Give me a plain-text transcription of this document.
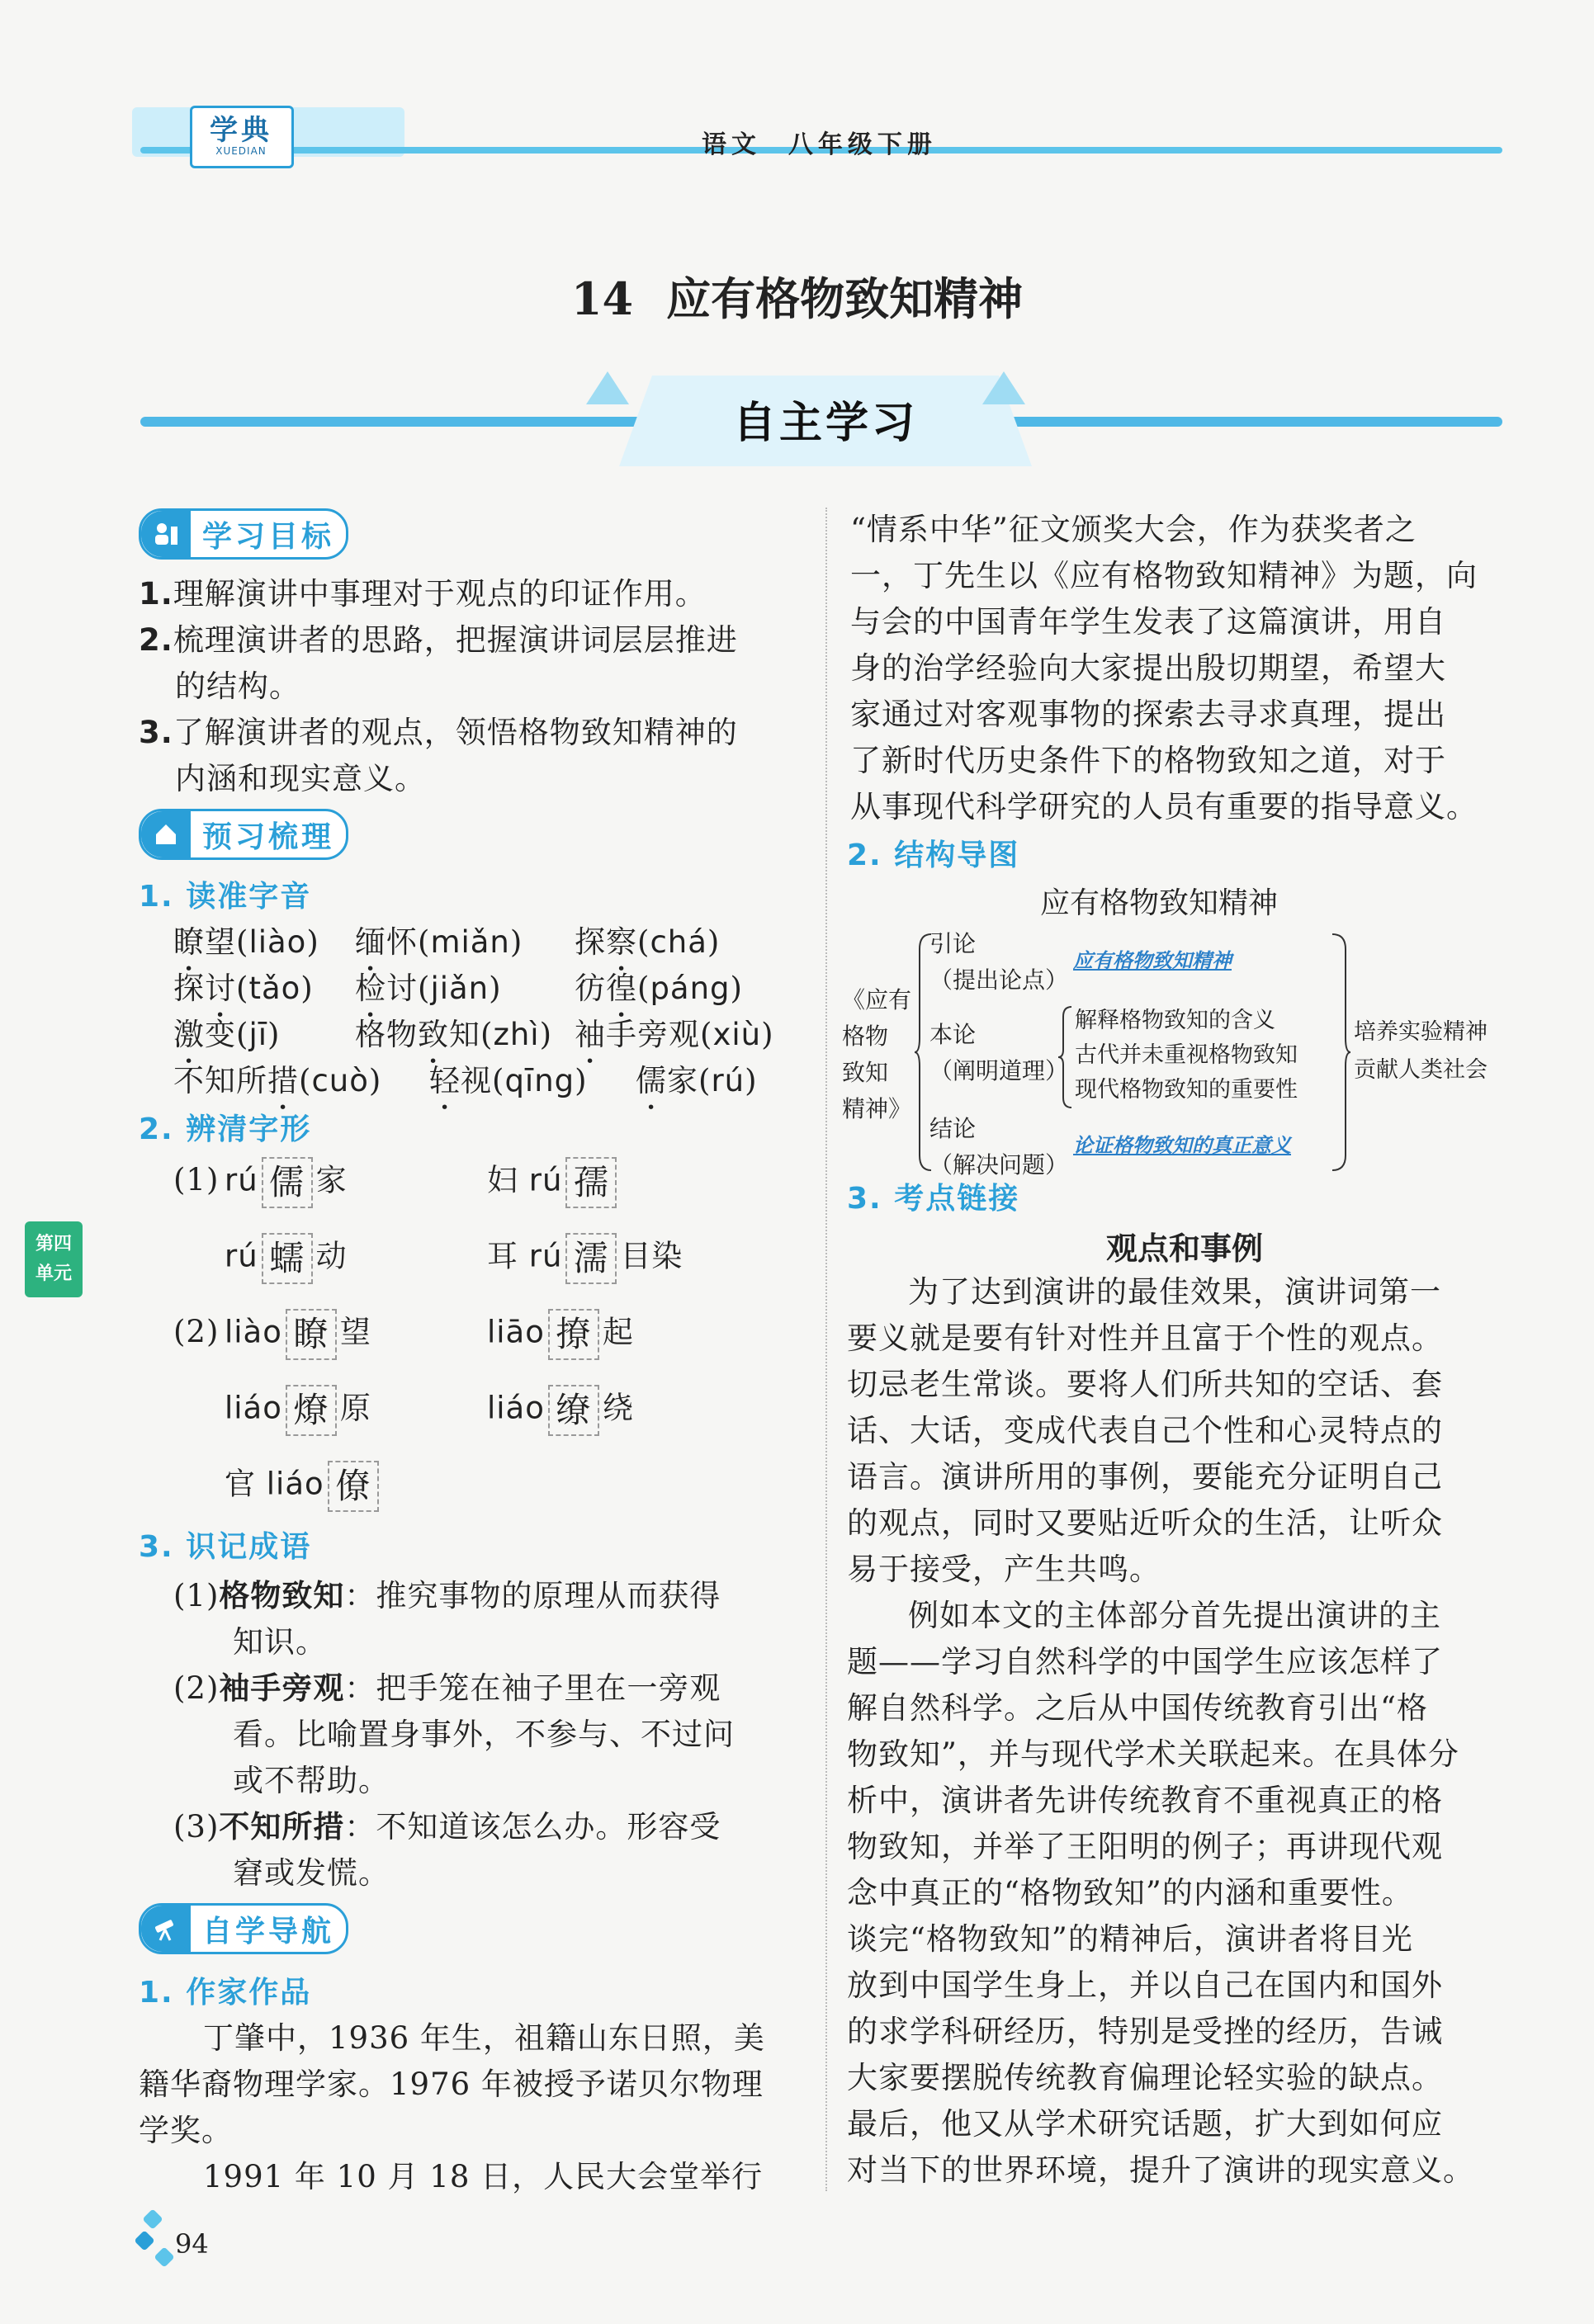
学典
XUEDIAN	语文  八年级下册
14 应有格物致知精神
自主学习
学习目标
1.理解演讲中事理对于观点的印证作用。
2.梳理演讲者的思路，把握演讲词层层推进
的结构。
3.了解演讲者的观点，领悟格物致知精神的
内涵和现实意义。
预习梳理
1. 读准字音
瞭望(liào) 缅怀(miǎn) 探察(chá)
探讨(tǎo) 检讨(jiǎn) 彷徨(páng)
激变(jī) 格物致知(zhì) 袖手旁观(xiù)
不知所措(cuò) 轻视(qīng) 儒家(rú)
2. 辨清字形
(1) rú 儒 家	妇 rú 孺
rú 蠕 动	耳 rú 濡 目染
(2) liào 瞭 望	liāo 撩 起
liáo 燎 原	liáo 缭 绕
官 liáo 僚
3. 识记成语
(1)格物致知：推究事物的原理从而获得
知识。
(2)袖手旁观：把手笼在袖子里在一旁观
看。比喻置身事外，不参与、不过问
或不帮助。
(3)不知所措：不知道该怎么办。形容受
窘或发慌。
自学导航
1. 作家作品
丁肇中，1936 年生，祖籍山东日照，美
籍华裔物理学家。1976 年被授予诺贝尔物理
学奖。
1991 年 10 月 18 日，人民大会堂举行
“情系中华”征文颁奖大会，作为获奖者之
一，丁先生以《应有格物致知精神》为题，向
与会的中国青年学生发表了这篇演讲，用自
身的治学经验向大家提出殷切期望，希望大
家通过对客观事物的探索去寻求真理，提出
了新时代历史条件下的格物致知之道，对于
从事现代科学研究的人员有重要的指导意义。
2. 结构导图
应有格物致知精神
《应有
格物
致知
精神》
引论
（提出论点）
本论
（阐明道理）
结论
（解决问题）
应有格物致知精神
解释格物致知的含义
古代并未重视格物致知
现代格物致知的重要性
论证格物致知的真正意义
培养实验精神
贡献人类社会
3. 考点链接
观点和事例
为了达到演讲的最佳效果，演讲词第一
要义就是要有针对性并且富于个性的观点。
切忌老生常谈。要将人们所共知的空话、套
话、大话，变成代表自己个性和心灵特点的
语言。演讲所用的事例，要能充分证明自己
的观点，同时又要贴近听众的生活，让听众
易于接受，产生共鸣。
例如本文的主体部分首先提出演讲的主
题——学习自然科学的中国学生应该怎样了
解自然科学。之后从中国传统教育引出“格
物致知”，并与现代学术关联起来。在具体分
析中，演讲者先讲传统教育不重视真正的格
物致知，并举了王阳明的例子；再讲现代观
念中真正的“格物致知”的内涵和重要性。
谈完“格物致知”的精神后，演讲者将目光
放到中国学生身上，并以自己在国内和国外
的求学科研经历，特别是受挫的经历，告诫
大家要摆脱传统教育偏理论轻实验的缺点。
最后，他又从学术研究话题，扩大到如何应
对当下的世界环境，提升了演讲的现实意义。
第四
单元
94
